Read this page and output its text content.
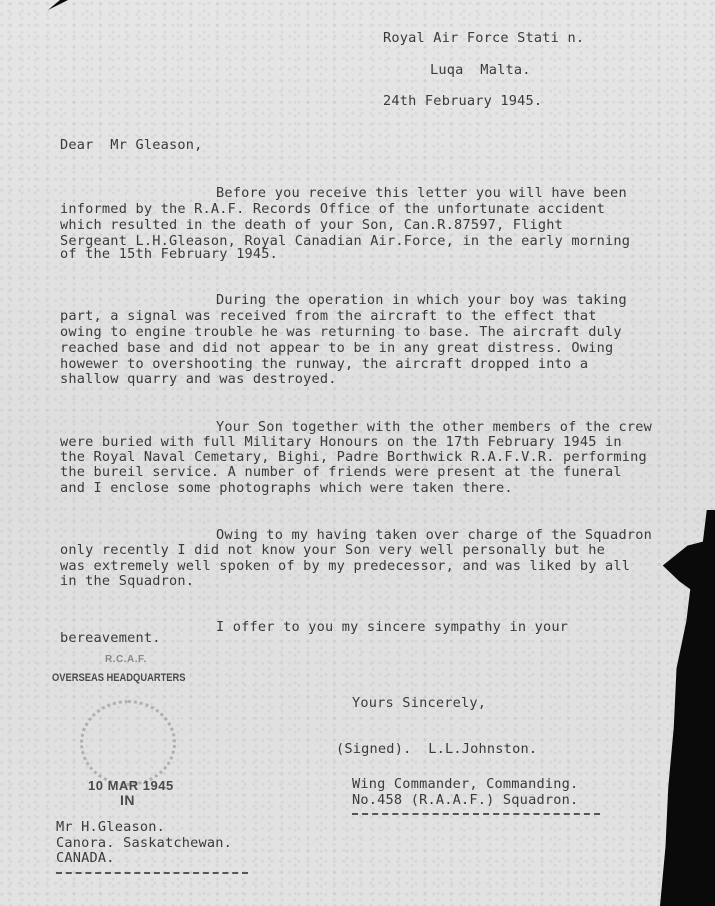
Royal Air Force Stati n.
Luqa  Malta.
24th February 1945.
Dear  Mr Gleason,
Before you receive this letter you will have been
informed by the R.A.F. Records Office of the unfortunate accident
which resulted in the death of your Son, Can.R.87597, Flight
Sergeant L.H.Gleason, Royal Canadian Air.Force, in the early morning
of the 15th February 1945.
During the operation in which your boy was taking
part, a signal was received from the aircraft to the effect that
owing to engine trouble he was returning to base. The aircraft duly
reached base and did not appear to be in any great distress. Owing
howewer to overshooting the runway, the aircraft dropped into a
shallow quarry and was destroyed.
Your Son together with the other members of the crew
were buried with full Military Honours on the 17th February 1945 in
the Royal Naval Cemetary, Bighi, Padre Borthwick R.A.F.V.R. performing
the bureil service. A number of friends were present at the funeral
and I enclose some photographs which were taken there.
Owing to my having taken over charge of the Squadron
only recently I did not know your Son very well personally but he
was extremely well spoken of by my predecessor, and was liked by all
in the Squadron.
I offer to you my sincere sympathy in your
bereavement.
R.C.A.F.
OVERSEAS HEADQUARTERS
10 MAR 1945
IN
Yours Sincerely,
(Signed).  L.L.Johnston.
Wing Commander, Commanding.
No.458 (R.A.A.F.) Squadron.
Mr H.Gleason.
Canora. Saskatchewan.
CANADA.
